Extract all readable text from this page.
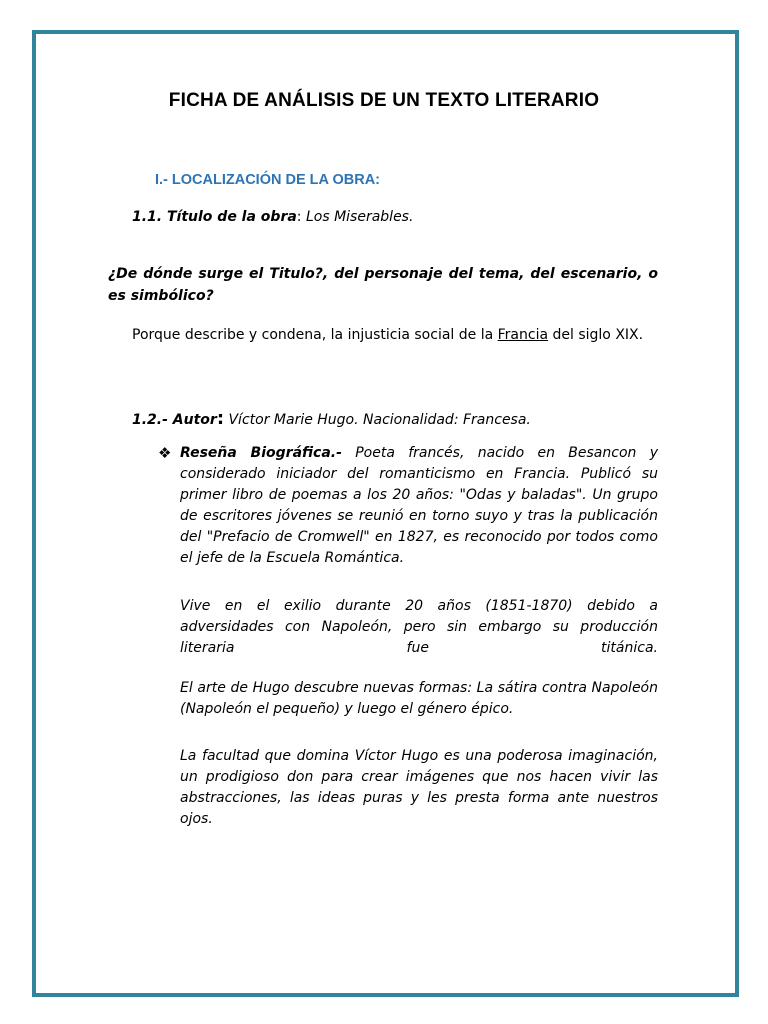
FICHA DE ANÁLISIS DE UN TEXTO LITERARIO
I.- LOCALIZACIÓN DE LA OBRA:
1.1. Título de la obra: Los Miserables.
¿De dónde surge el Titulo?, del personaje del tema, del escenario, o es simbólico?
Porque describe y condena, la injusticia social de la Francia del siglo XIX.
1.2.- Autor: Víctor Marie Hugo. Nacionalidad: Francesa.
❖ Reseña Biográfica.- Poeta francés, nacido en Besancon y considerado iniciador del romanticismo en Francia. Publicó su primer libro de poemas a los 20 años: "Odas y baladas". Un grupo de escritores jóvenes se reunió en torno suyo y tras la publicación del "Prefacio de Cromwell" en 1827, es reconocido por todos como el jefe de la Escuela Romántica.
Vive en el exilio durante 20 años (1851-1870) debido a adversidades con Napoleón, pero sin embargo su producción literaria fue titánica.
El arte de Hugo descubre nuevas formas: La sátira contra Napoleón (Napoleón el pequeño) y luego el género épico.
La facultad que domina Víctor Hugo es una poderosa imaginación, un prodigioso don para crear imágenes que nos hacen vivir las abstracciones, las ideas puras y les presta forma ante nuestros ojos.
